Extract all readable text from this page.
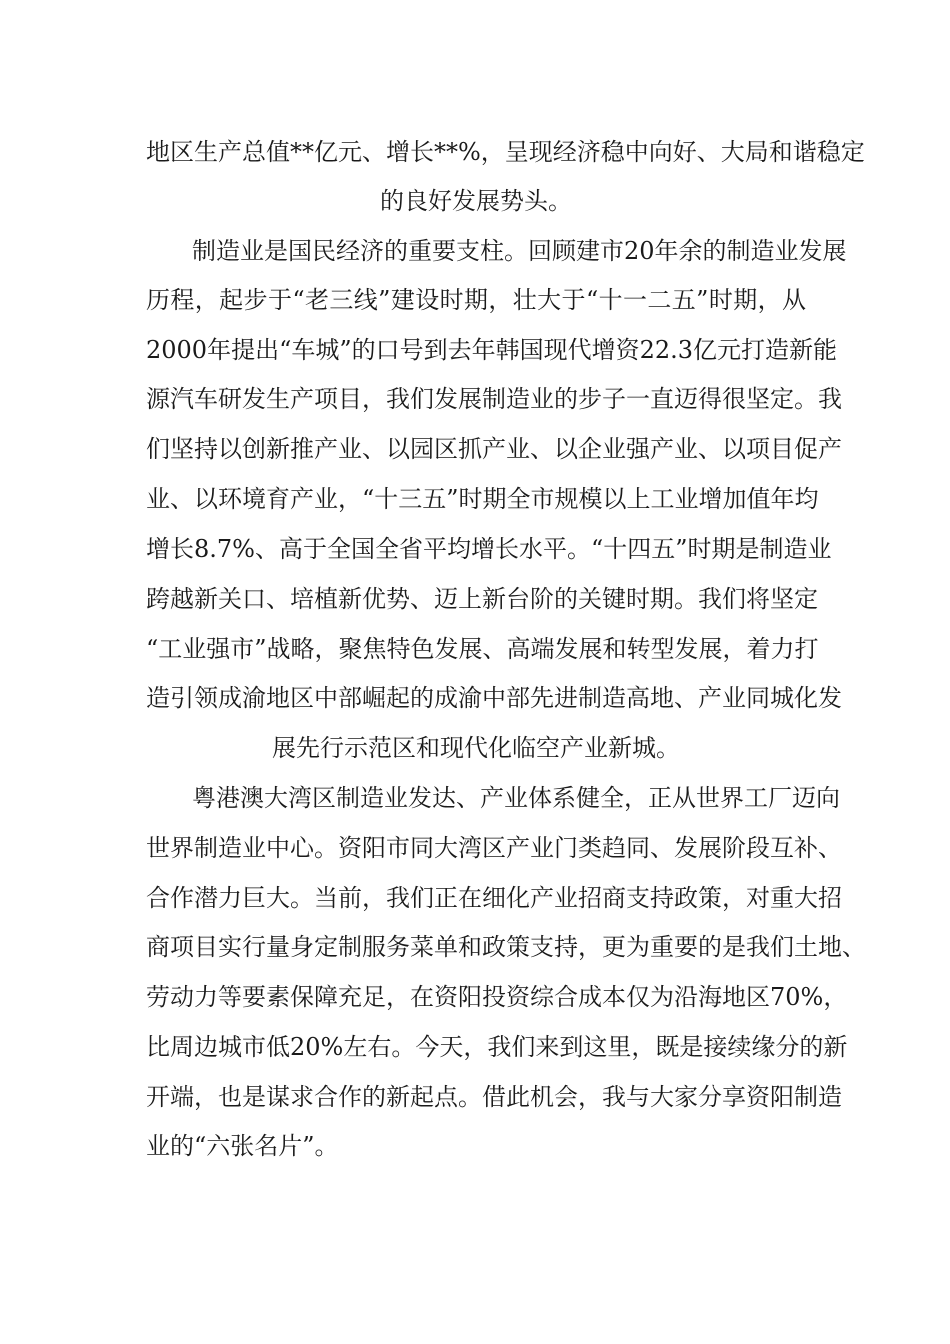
地区生产总值**亿元、增长**%，呈现经济稳中向好、大局和谐稳定
的良好发展势头。
制造业是国民经济的重要支柱。回顾建市20年余的制造业发展
历程，起步于“老三线”建设时期，壮大于“十一二五”时期，从
2000年提出“车城”的口号到去年韩国现代增资22.3亿元打造新能
源汽车研发生产项目，我们发展制造业的步子一直迈得很坚定。我
们坚持以创新推产业、以园区抓产业、以企业强产业、以项目促产
业、以环境育产业，“十三五”时期全市规模以上工业增加值年均
增长8.7%、高于全国全省平均增长水平。“十四五”时期是制造业
跨越新关口、培植新优势、迈上新台阶的关键时期。我们将坚定
“工业强市”战略，聚焦特色发展、高端发展和转型发展，着力打
造引领成渝地区中部崛起的成渝中部先进制造高地、产业同城化发
展先行示范区和现代化临空产业新城。
粤港澳大湾区制造业发达、产业体系健全，正从世界工厂迈向
世界制造业中心。资阳市同大湾区产业门类趋同、发展阶段互补、
合作潜力巨大。当前，我们正在细化产业招商支持政策，对重大招
商项目实行量身定制服务菜单和政策支持，更为重要的是我们土地、
劳动力等要素保障充足，在资阳投资综合成本仅为沿海地区70%，
比周边城市低20%左右。今天，我们来到这里，既是接续缘分的新
开端，也是谋求合作的新起点。借此机会，我与大家分享资阳制造
业的“六张名片”。
